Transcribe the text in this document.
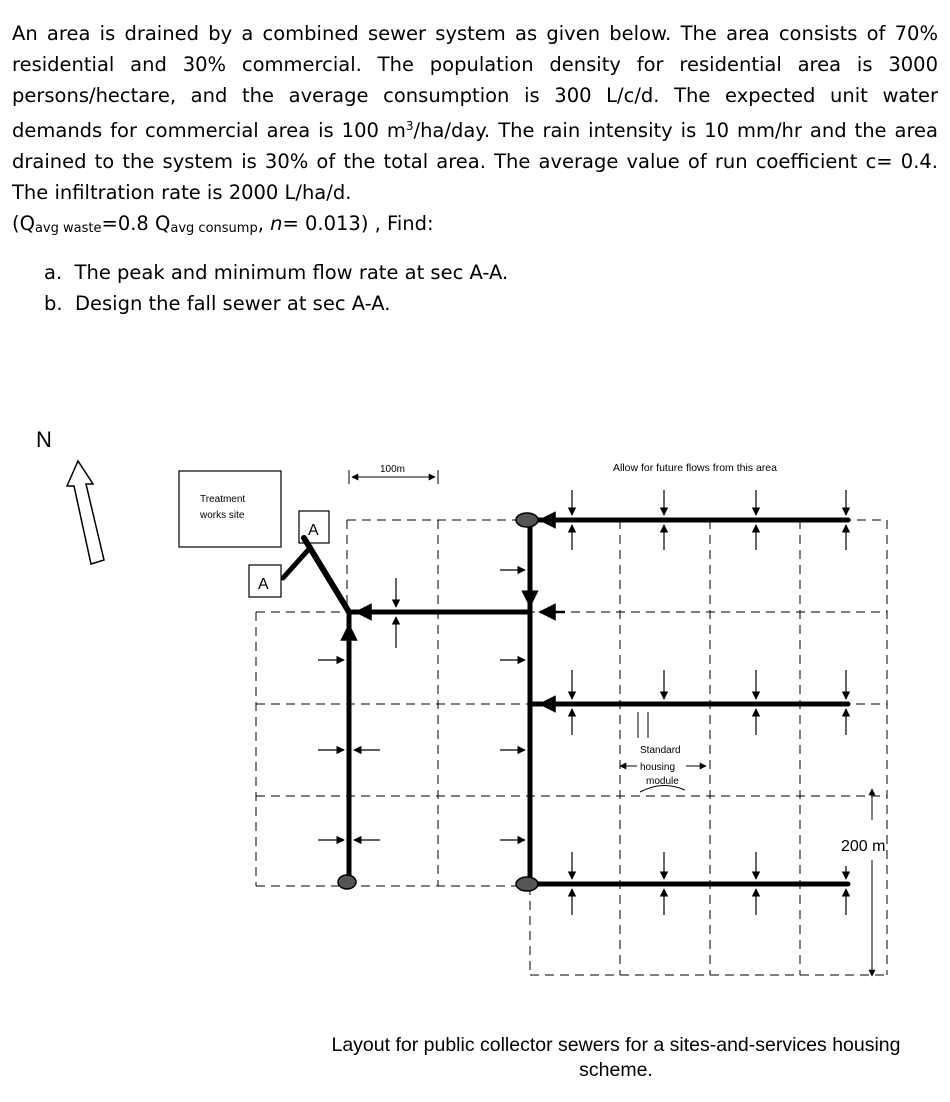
An area is drained by a combined sewer system as given below. The area consists of 70% residential and 30% commercial. The population density for residential area is 3000 persons/hectare, and the average consumption is 300 L/c/d. The expected unit water demands for commercial area is 100 $m^3/ha$/day. The rain intensity is 10 mm/hr and the area drained to the system is 30% of the total area. The average value of run coefficient c= 0.4. The infiltration rate is 2000 L/ha/d.

(Qavg waste=0.8 Qavg consump, n= 0.013) , Find:

a. The peak and minimum flow rate at sec A-A.
b. Design the fall sewer at sec A-A.
N
Treatment
works site
A
A
100m	Allow for future flows from this area
Standard
housing
module
200 m
Layout for public collector sewers for a sites-and-services housing
scheme.
